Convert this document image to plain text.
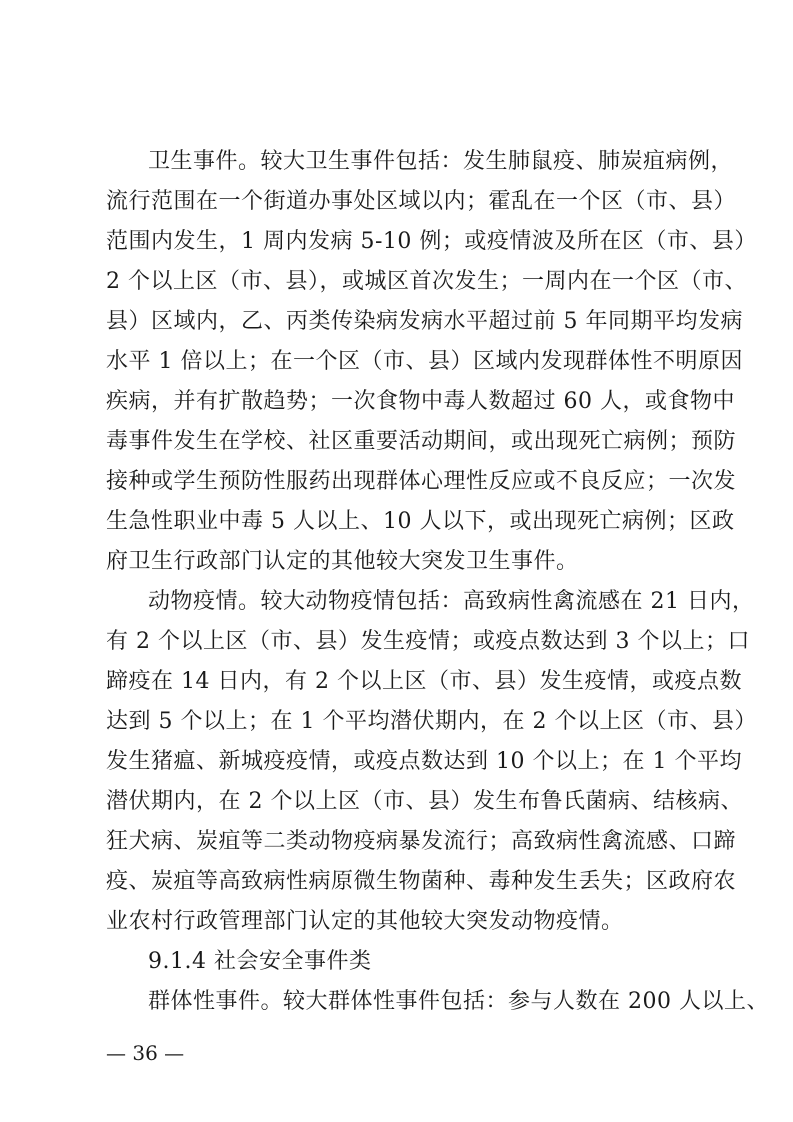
卫生事件。较大卫生事件包括：发生肺鼠疫、肺炭疽病例，
流行范围在一个街道办事处区域以内；霍乱在一个区（市、县）
范围内发生，1 周内发病 5-10 例；或疫情波及所在区（市、县）
2 个以上区（市、县），或城区首次发生；一周内在一个区（市、
县）区域内，乙、丙类传染病发病水平超过前 5 年同期平均发病
水平 1 倍以上；在一个区（市、县）区域内发现群体性不明原因
疾病，并有扩散趋势；一次食物中毒人数超过 60 人，或食物中
毒事件发生在学校、社区重要活动期间，或出现死亡病例；预防
接种或学生预防性服药出现群体心理性反应或不良反应；一次发
生急性职业中毒 5 人以上、10 人以下，或出现死亡病例；区政
府卫生行政部门认定的其他较大突发卫生事件。
动物疫情。较大动物疫情包括：高致病性禽流感在 21 日内，
有 2 个以上区（市、县）发生疫情；或疫点数达到 3 个以上；口
蹄疫在 14 日内，有 2 个以上区（市、县）发生疫情，或疫点数
达到 5 个以上；在 1 个平均潜伏期内，在 2 个以上区（市、县）
发生猪瘟、新城疫疫情，或疫点数达到 10 个以上；在 1 个平均
潜伏期内，在 2 个以上区（市、县）发生布鲁氏菌病、结核病、
狂犬病、炭疽等二类动物疫病暴发流行；高致病性禽流感、口蹄
疫、炭疽等高致病性病原微生物菌种、毒种发生丢失；区政府农
业农村行政管理部门认定的其他较大突发动物疫情。
9.1.4 社会安全事件类
群体性事件。较大群体性事件包括：参与人数在 200 人以上、
— 36 —
